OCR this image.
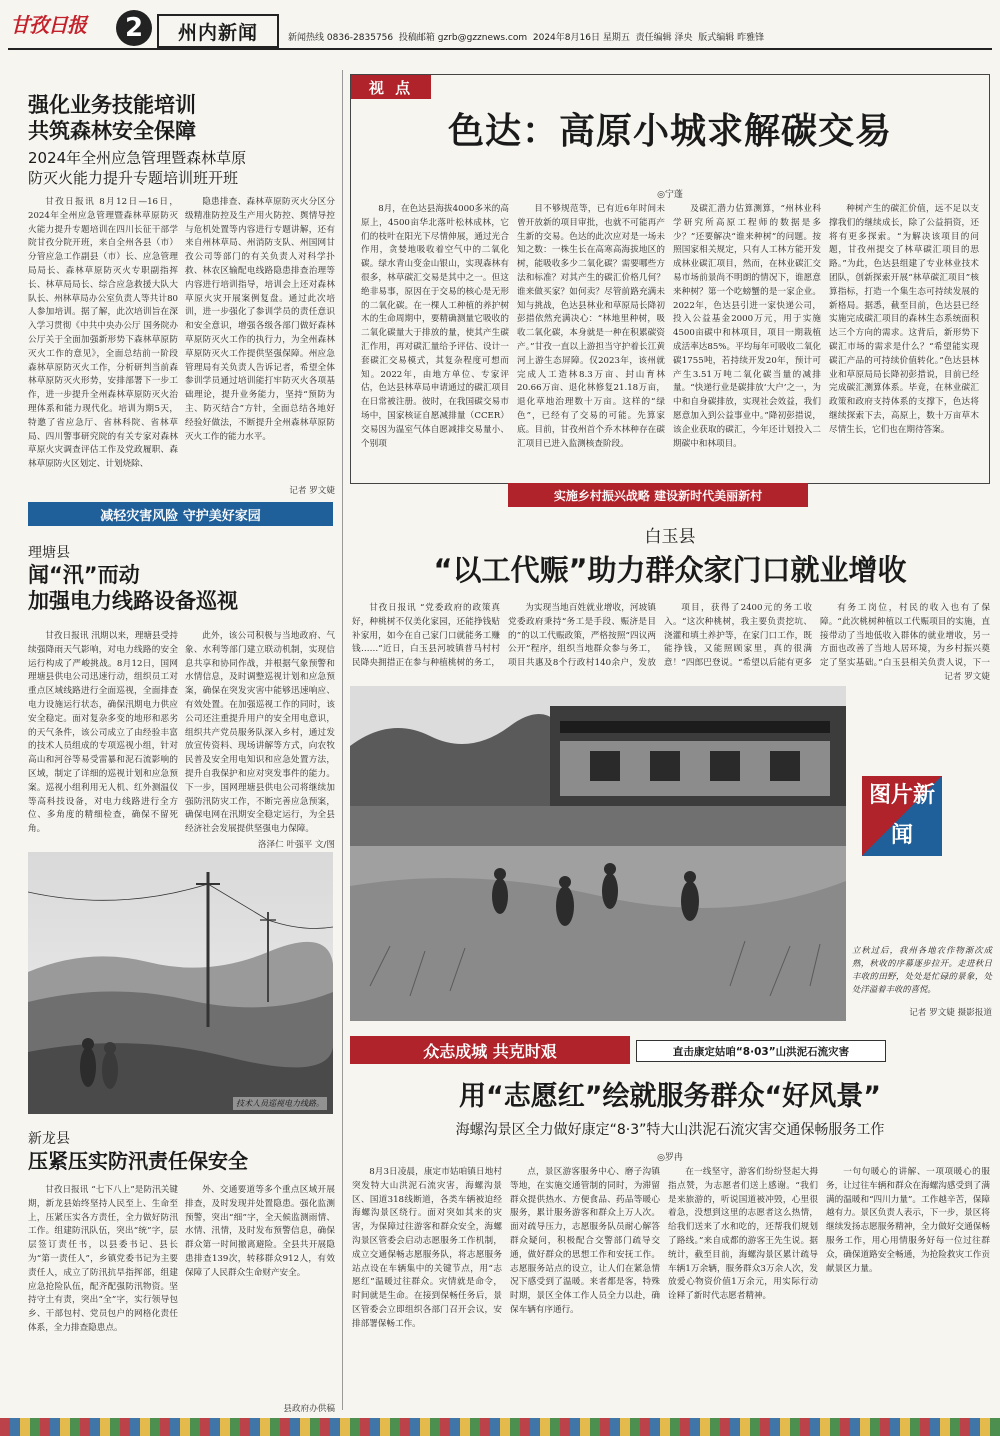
甘孜日报 2 州内新闻	新闻热线 0836-2835756 投稿邮箱 gzrb@gzznews.com 2024年8月16日 星期五 责任编辑 泽央 版式编辑 昨雅锋
强化业务技能培训
共筑森林安全保障
2024年全州应急管理暨森林草原
防灭火能力提升专题培训班开班

甘孜日报讯 8月12日—16日，2024年全州应急管理暨森林草原防灭火能力提升专题培训在四川长征干部学院甘孜分院开班，来自全州各县（市）分管应急工作副县（市）长、应急管理局局长、森林草原防灭火专职副指挥长、林草局局长、综合应急救援大队大队长、州林草局办公室负责人等共计80人参加培训。据了解，此次培训旨在深入学习贯彻《中共中央办公厅 国务院办公厅关于全面加强新形势下森林草原防灭火工作的意见》，全面总结前一阶段森林草原防灭火工作，分析研判当前森林草原防灭火形势，安排部署下一步工作，进一步提升全州森林草原防灭火治理体系和能力现代化。培训为期5天，特邀了省应急厅、省林科院、省林草局、四川警事研究院的有关专家对森林草原火灾调查评估工作及党政履职、森林草原防火区划定、计划烧除、

隐患排查、森林草原防灭火分区分级精准防控及生产用火防控、舆情导控与危机处置等内容进行专题讲解，还有来自州林草局、州消防支队、州国网甘孜公司等部门的有关负责人对科学扑救、林农区输配电线路隐患排查治理等内容进行培训指导，培训会上还对森林草原火灾开展案例复盘。通过此次培训，进一步强化了参训学员的责任意识和安全意识，增强各级各部门做好森林草原防灭火工作的执行力，为全州森林草原防灭火工作提供坚强保障。州应急管理局有关负责人告诉记者，希望全体参训学员通过培训能打牢防灭火各项基础理论，提升业务能力，坚持“预防为主、防灭结合”方针，全面总结各地好经验好做法，不断提升全州森林草原防灭火工作的能力水平。

记者 罗文婕
减轻灾害风险 守护美好家园
理塘县
闻“汛”而动
加强电力线路设备巡视

甘孜日报讯 汛期以来，理塘县受持续强降雨天气影响，对电力线路的安全运行构成了严峻挑战。8月12日，国网理塘县供电公司迅速行动，组织员工对重点区域线路进行全面巡视，全面排查电力设施运行状态，确保汛期电力供应安全稳定。面对复杂多变的地形和恶劣的天气条件，该公司成立了由经验丰富的技术人员组成的专项巡视小组，针对高山和河谷等易受雷暴和泥石流影响的区域，制定了详细的巡视计划和应急预案。巡视小组利用无人机、红外测温仪等高科技设备，对电力线路进行全方位、多角度的精细检查，确保不留死角。

此外，该公司积极与当地政府、气象、水利等部门建立联动机制，实现信息共享和协同作战，并根据气象预警和水情信息，及时调整巡视计划和应急预案，确保在突发灾害中能够迅速响应、有效处置。在加强巡视工作的同时，该公司还注重提升用户的安全用电意识，组织共产党员服务队深入乡村，通过发放宣传资料、现场讲解等方式，向农牧民普及安全用电知识和应急处置方法，提升自我保护和应对突发事件的能力。下一步，国网理塘县供电公司将继续加强防汛防灾工作，不断完善应急预案，确保电网在汛期安全稳定运行，为全县经济社会发展提供坚强电力保障。

洛泽仁 叶强平 文/图
技术人员巡视电力线路。
新龙县
压紧压实防汛责任保安全

甘孜日报讯 “七下八上”是防汛关键期，新龙县始终坚持人民至上、生命至上，压紧压实各方责任，全力做好防汛工作。组建防汛队伍，突出“统”字，层层签订责任书，以县委书记、县长为“第一责任人”，乡镇党委书记为主要责任人，成立了防汛抗旱指挥部，组建应急抢险队伍，配齐配强防汛物资。坚持守土有责，突出“全”字，实行领导包乡、干部包村、党员包户的网格化责任体系，全力排查隐患点。

外、交通要道等多个重点区域开展排查，及时发现并处置隐患。强化监测预警，突出“细”字，全天候监测雨情、水情、汛情，及时发布预警信息，确保群众第一时间撤离避险。全县共开展隐患排查139次，转移群众912人，有效保障了人民群众生命财产安全。

县政府办供稿
视 点
色达：高原小城求解碳交易
◎宁蓬

8月，在色达县海拔4000多米的高原上，4500亩华北落叶松林成林，它们的枝叶在阳光下尽情伸展，通过光合作用，贪婪地吸收着空气中的二氧化碳。绿水青山变金山银山，实现森林有很多，林草碳汇交易是其中之一。但这绝非易事，原因在于交易的核心是无形的二氧化碳。在一棵人工种植的养护树木的生命周期中，要精确测量它吸收的二氧化碳量大于排放的量，使其产生碳汇作用，再对碳汇量给予评估、设计一套碳汇交易模式，其复杂程度可想而知。2022年，由地方单位、专家评估，色达县林草局申请通过的碳汇项目在日常被注册。彼时，在我国碳交易市场中，国家核证自愿减排量（CCER）交易因为温室气体自愿减排交易量小、个别项

目不够规范等，已有近6年时间未曾开放新的项目审批，也就不可能再产生新的交易。色达的此次应对是一场未知之数：一株生长在高寒高海拔地区的树，能吸收多少二氧化碳？需要哪些方法和标准？对其产生的碳汇价格几何？谁来做买家？如何卖？尽管前路充满未知与挑战，色达县林业和草原局长降初彭措依然充满决心：“林地里种树，吸收二氧化碳，本身就是一种在积累碳资产。”甘孜一直以上游担当守护着长江黄河上游生态屏障。仅2023年，该州就完成人工造林8.3万亩、封山育林20.66万亩、退化林修复21.18万亩，退化草地治理数十万亩。这样的“绿色”，已经有了交易的可能。先算家底。目前，甘孜州首个乔木林种存在碳汇项目已进入监测核查阶段。

及碳汇潜力估算测算，“州林业科学研究所高原工程师的数据是多少？”还要解决“谁来种树”的问题。按照国家相关规定，只有人工林方能开发成林业碳汇项目，然而，在林业碳汇交易市场前景尚不明朗的情况下，谁愿意来种树？第一个吃螃蟹的是一家企业。2022年，色达县引进一家快递公司，投入公益基金2000万元，用于实施4500亩碳中和林项目，项目一期栽植成活率达85%。平均每年可吸收二氧化碳1755吨，若持续开发20年，预计可产生3.51万吨二氧化碳当量的减排量。“快递行业是碳排放‘大户’之一，为中和自身碳排放，实现社会效益，我们愿意加入到公益事业中。”降初彭措说，该企业获取的碳汇，今年还计划投入二期碳中和林项目。

种树产生的碳汇价值，远不足以支撑我们的继续成长，除了公益捐资，还将有更多探索。“为解决该项目的问题，甘孜州提交了林草碳汇项目的思路。”为此，色达县组建了专业林业技术团队，创新探索开展“林草碳汇项目”核算指标，打造一个集生态可持续发展的新格局。据悉，截至目前，色达县已经实施完成碳汇项目的森林生态系统面积达三个方向的需求。这背后，新形势下碳汇市场的需求是什么？“希望能实现碳汇产品的可持续价值转化。”色达县林业和草原局局长降初彭措说，目前已经完成碳汇测算体系。毕竟，在林业碳汇政策和政府支持体系的支撑下，色达将继续探索下去，高原上，数十万亩草木尽情生长，它们也在期待答案。

实施乡村振兴战略 建设新时代美丽新村
白玉县
“以工代赈”助力群众家门口就业增收

甘孜日报讯 “党委政府的政策真好，种桃树不仅美化家园，还能挣钱贴补家用，如今在自己家门口就能务工赚钱……”近日，白玉县河坡镇普马村村民降央拥措正在参与种植桃树的务工，

为实现当地百姓就业增收，河坡镇党委政府秉持“务工是手段、赈济是目的”的以工代赈政策，严格按照“四议两公开”程序，组织当地群众参与务工，项目共惠及8个行政村140余户，发放

项目，获得了2400元的务工收入。“这次种桃树，我主要负责挖坑、浇灌和填土养护等，在家门口工作，既能挣钱，又能照顾家里，真的很满意！”四郎巴登说。“希望以后能有更多

有务工岗位，村民的收入也有了保障。“此次桃树种植以工代赈项目的实施，直接带动了当地低收入群体的就业增收，另一方面也改善了当地人居环境，为乡村振兴奠定了坚实基础。”白玉县相关负责人说，下一

记者 罗文婕
图片新闻
立秋过后，我州各地农作物渐次成熟，秋收的序幕逐步拉开。走进秋日丰收的田野，处处是忙碌的景象，处处洋溢着丰收的喜悦。
记者 罗文婕 摄影报道
众志成城 共克时艰	直击康定姑咱“8·03”山洪泥石流灾害
用“志愿红”绘就服务群众“好风景”
海螺沟景区全力做好康定“8·3”特大山洪泥石流灾害交通保畅服务工作
◎罗冉

8月3日凌晨，康定市姑咱镇日地村突发特大山洪泥石流灾害，海螺沟景区、国道318线断道，各类车辆被迫经海螺沟景区绕行。面对突如其来的灾害，为保障过往游客和群众安全，海螺沟景区管委会启动志愿服务工作机制，成立交通保畅志愿服务队，将志愿服务站点设在车辆集中的关键节点，用“志愿红”温暖过往群众。灾情就是命令，时间就是生命。在接到保畅任务后，景区管委会立即组织各部门召开会议，安排部署保畅工作。

点，景区游客服务中心、磨子沟镇等地，在实施交通管制的同时，为滞留群众提供热水、方便食品、药品等暖心服务，累计服务游客和群众上万人次。面对疏导压力，志愿服务队员耐心解答群众疑问，积极配合交警部门疏导交通，做好群众的思想工作和安抚工作。志愿服务站点的设立，让人们在紧急情况下感受到了温暖。来者都是客，特殊时期，景区全体工作人员全力以赴，确保车辆有序通行。

在一线坚守，游客们纷纷竖起大拇指点赞，为志愿者们送上感谢。“我们是来旅游的，听说国道被冲毁，心里很着急，没想到这里的志愿者这么热情，给我们送来了水和吃的，还帮我们规划了路线。”来自成都的游客王先生说。据统计，截至目前，海螺沟景区累计疏导车辆1万余辆，服务群众3万余人次，发放爱心物资价值1万余元，用实际行动诠释了新时代志愿者精神。

一句句暖心的讲解、一项项暖心的服务，让过往车辆和群众在海螺沟感受到了满满的温暖和“四川力量”。工作越辛苦，保障越有力。景区负责人表示，下一步，景区将继续发扬志愿服务精神，全力做好交通保畅服务工作，用心用情服务好每一位过往群众，确保道路安全畅通，为抢险救灾工作贡献景区力量。
